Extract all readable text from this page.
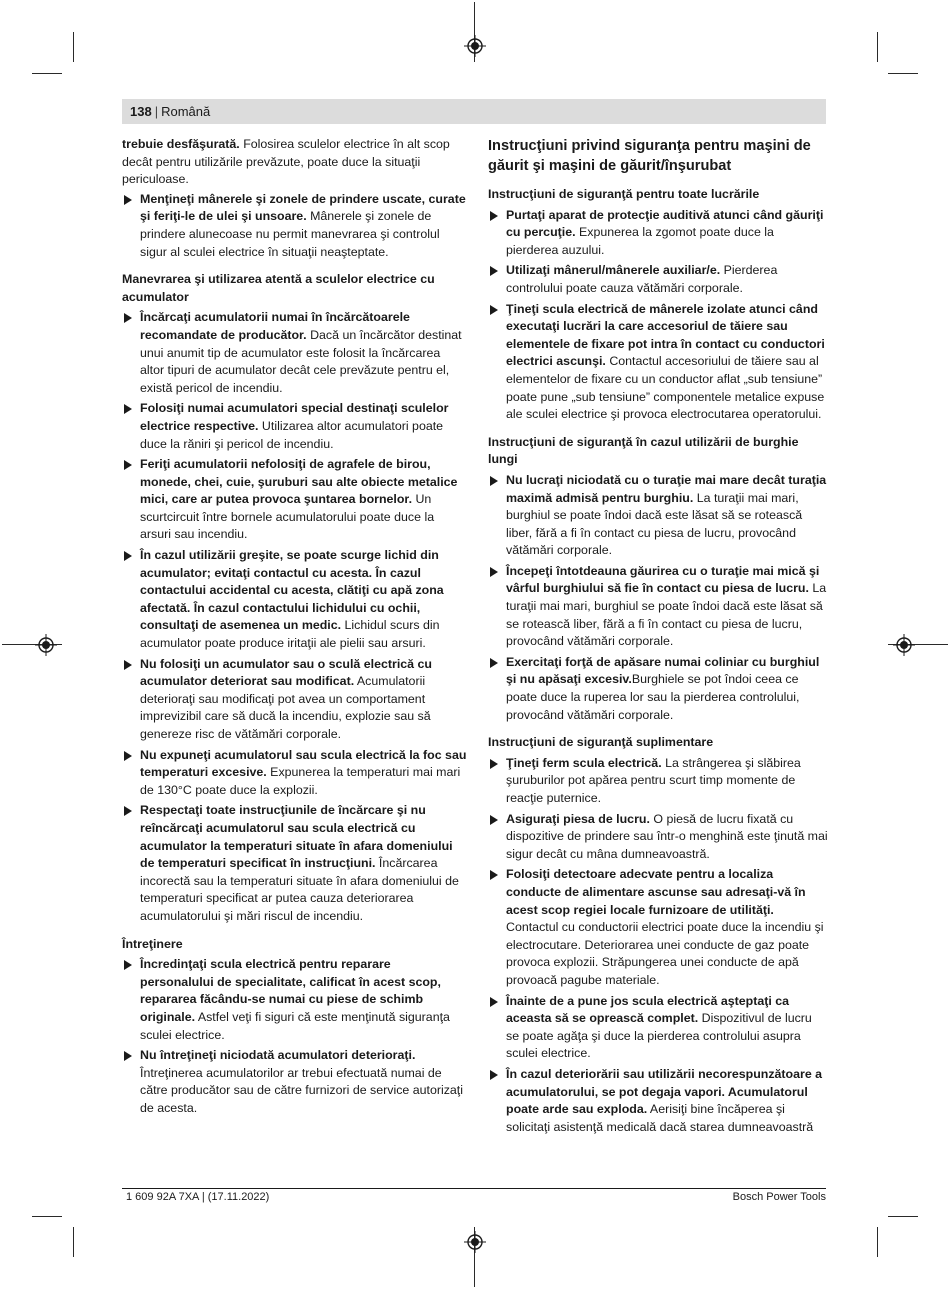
138 | Română
trebuie desfăşurată. Folosirea sculelor electrice în alt scop decât pentru utilizările prevăzute, poate duce la situaţii periculoase.
Menţineţi mânerele şi zonele de prindere uscate, curate şi feriţi-le de ulei şi unsoare. Mânerele şi zonele de prindere alunecoase nu permit manevrarea şi controlul sigur al sculei electrice în situaţii neaşteptate.
Manevrarea şi utilizarea atentă a sculelor electrice cu acumulator
Încărcaţi acumulatorii numai în încărcătoarele recomandate de producător. Dacă un încărcător destinat unui anumit tip de acumulator este folosit la încărcarea altor tipuri de acumulator decât cele prevăzute pentru el, există pericol de incendiu.
Folosiţi numai acumulatori special destinaţi sculelor electrice respective. Utilizarea altor acumulatori poate duce la răniri şi pericol de incendiu.
Feriţi acumulatorii nefolosiţi de agrafele de birou, monede, chei, cuie, şuruburi sau alte obiecte metalice mici, care ar putea provoca şuntarea bornelor. Un scurtcircuit între bornele acumulatorului poate duce la arsuri sau incendiu.
În cazul utilizării greşite, se poate scurge lichid din acumulator; evitaţi contactul cu acesta. În cazul contactului accidental cu acesta, clătiţi cu apă zona afectată. În cazul contactului lichidului cu ochii, consultaţi de asemenea un medic. Lichidul scurs din acumulator poate produce iritaţii ale pielii sau arsuri.
Nu folosiţi un acumulator sau o sculă electrică cu acumulator deteriorat sau modificat. Acumulatorii deterioraţi sau modificaţi pot avea un comportament imprevizibil care să ducă la incendiu, explozie sau să genereze risc de vătămări corporale.
Nu expuneţi acumulatorul sau scula electrică la foc sau temperaturi excesive. Expunerea la temperaturi mai mari de 130°C poate duce la explozii.
Respectaţi toate instrucţiunile de încărcare şi nu reîncărcaţi acumulatorul sau scula electrică cu acumulator la temperaturi situate în afara domeniului de temperaturi specificat în instrucţiuni. Încărcarea incorectă sau la temperaturi situate în afara domeniului de temperaturi specificat ar putea cauza deteriorarea acumulatorului şi mări riscul de incendiu.
Întreţinere
Încredinţaţi scula electrică pentru reparare personalului de specialitate, calificat în acest scop, repararea făcându-se numai cu piese de schimb originale. Astfel veţi fi siguri că este menţinută siguranţa sculei electrice.
Nu întreţineţi niciodată acumulatori deterioraţi. Întreţinerea acumulatorilor ar trebui efectuată numai de către producător sau de către furnizori de service autorizaţi de acesta.
Instrucţiuni privind siguranţa pentru maşini de găurit şi maşini de găurit/înşurubat
Instrucţiuni de siguranţă pentru toate lucrările
Purtaţi aparat de protecţie auditivă atunci când găuriţi cu percuţie. Expunerea la zgomot poate duce la pierderea auzului.
Utilizaţi mânerul/mânerele auxiliar/e. Pierderea controlului poate cauza vătămări corporale.
Ţineţi scula electrică de mânerele izolate atunci când executaţi lucrări la care accesoriul de tăiere sau elementele de fixare pot intra în contact cu conductori electrici ascunşi. Contactul accesoriului de tăiere sau al elementelor de fixare cu un conductor aflat „sub tensiune” poate pune „sub tensiune” componentele metalice expuse ale sculei electrice şi provoca electrocutarea operatorului.
Instrucţiuni de siguranţă în cazul utilizării de burghie lungi
Nu lucraţi niciodată cu o turaţie mai mare decât turaţia maximă admisă pentru burghiu. La turaţii mai mari, burghiul se poate îndoi dacă este lăsat să se rotească liber, fără a fi în contact cu piesa de lucru, provocând vătămări corporale.
Începeţi întotdeauna găurirea cu o turaţie mai mică şi vârful burghiului să fie în contact cu piesa de lucru. La turaţii mai mari, burghiul se poate îndoi dacă este lăsat să se rotească liber, fără a fi în contact cu piesa de lucru, provocând vătămări corporale.
Exercitaţi forţă de apăsare numai coliniar cu burghiul şi nu apăsaţi excesiv.Burghiele se pot îndoi ceea ce poate duce la ruperea lor sau la pierderea controlului, provocând vătămări corporale.
Instrucţiuni de siguranţă suplimentare
Ţineţi ferm scula electrică. La strângerea şi slăbirea şuruburilor pot apărea pentru scurt timp momente de reacţie puternice.
Asiguraţi piesa de lucru. O piesă de lucru fixată cu dispozitive de prindere sau într-o menghină este ţinută mai sigur decât cu mâna dumneavoastră.
Folosiţi detectoare adecvate pentru a localiza conducte de alimentare ascunse sau adresaţi-vă în acest scop regiei locale furnizoare de utilităţi. Contactul cu conductorii electrici poate duce la incendiu şi electrocutare. Deteriorarea unei conducte de gaz poate provoca explozii. Străpungerea unei conducte de apă provoacă pagube materiale.
Înainte de a pune jos scula electrică aşteptaţi ca aceasta să se oprească complet. Dispozitivul de lucru se poate agăţa şi duce la pierderea controlului asupra sculei electrice.
În cazul deteriorării sau utilizării necorespunzătoare a acumulatorului, se pot degaja vapori. Acumulatorul poate arde sau exploda. Aerisiţi bine încăperea şi solicitaţi asistenţă medicală dacă starea dumneavoastră
1 609 92A 7XA | (17.11.2022)	Bosch Power Tools
